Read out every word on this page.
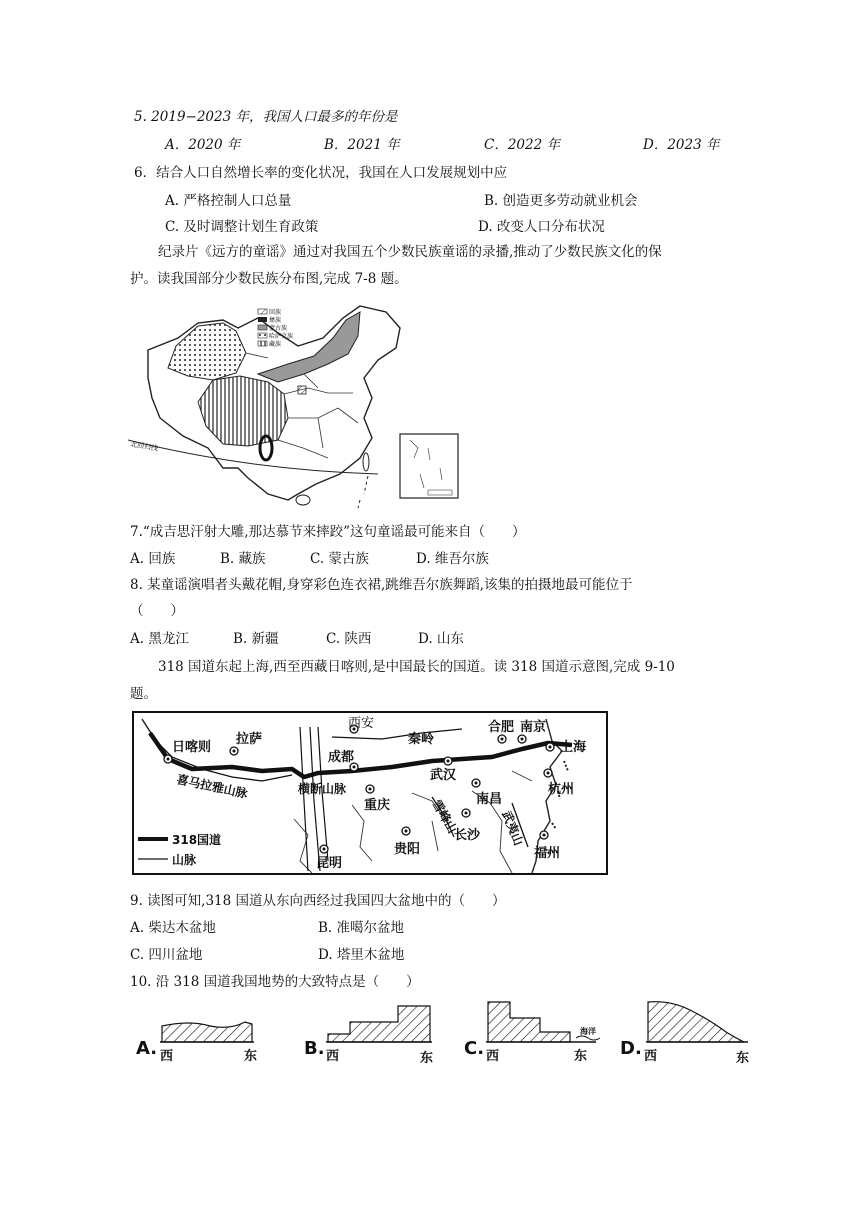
5. 2019−2023 年，我国人口最多的年份是
A．2020 年	B．2021 年	C．2022 年	D．2023 年
6．结合人口自然增长率的变化状况，我国在人口发展规划中应
A. 严格控制人口总量	B. 创造更多劳动就业机会
C. 及时调整计划生育政策	D. 改变人口分布状况
纪录片《远方的童谣》通过对我国五个少数民族童谣的录播,推动了少数民族文化的保
护。读我国部分少数民族分布图,完成 7-8 题。
北回归线
回族
彝族
蒙古族
哈萨克族
藏族
7.“成吉思汗射大雕,那达慕节来摔跤”这句童谣最可能来自（　　）
A. 回族	B. 藏族	C. 蒙古族	D. 维吾尔族
8. 某童谣演唱者头戴花帽,身穿彩色连衣裙,跳维吾尔族舞蹈,该集的拍摄地最可能位于
（　　）
A. 黑龙江	B. 新疆	C. 陕西	D. 山东
318 国道东起上海,西至西藏日喀则,是中国最长的国道。读 318 国道示意图,完成 9-10
题。
日喀则
拉萨
西安
成都
秦岭
武汉
合肥 南京
上海
重庆	南昌
杭州
长沙
贵阳	福州
昆明
喜马拉雅山脉	横断山脉
雪峰山	武夷山
318国道
山脉
9. 读图可知,318 国道从东向西经过我国四大盆地中的（　　）
A. 柴达木盆地	B. 准噶尔盆地
C. 四川盆地	D. 塔里木盆地
10. 沿 318 国道我国地势的大致特点是（　　）
A. 西	东	B. 西	东
海洋
C. 西	东 D. 西	东
